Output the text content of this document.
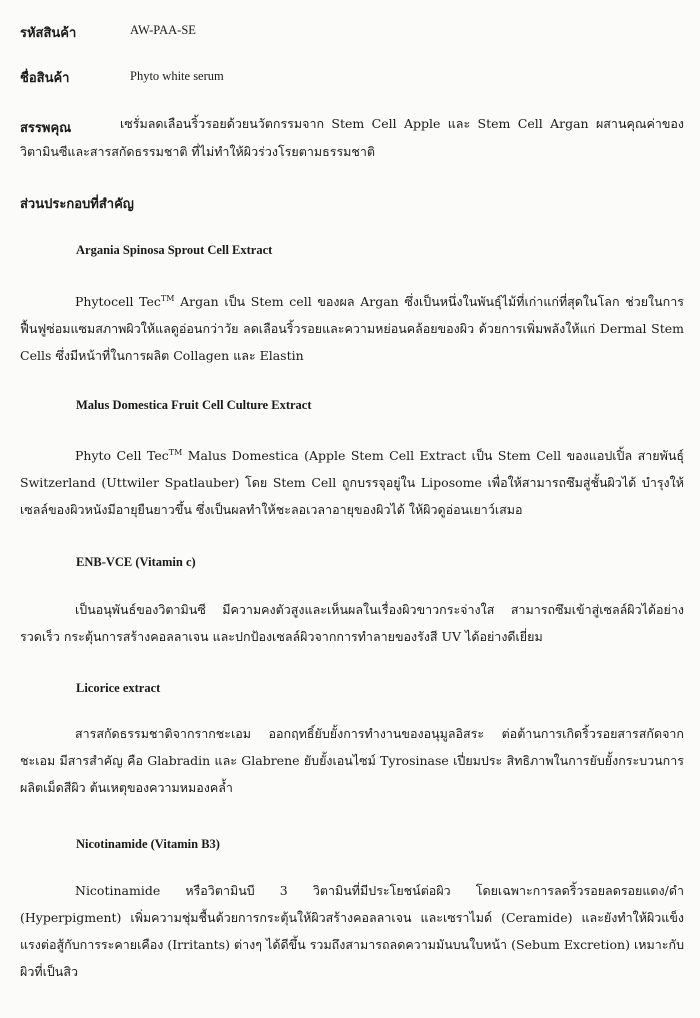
รหัสสินค้า	AW-PAA-SE
ชื่อสินค้า	Phyto white serum
สรรพคุณ	เซรั่มลดเลือนริ้วรอยด้วยนวัตกรรมจาก Stem Cell Apple และ Stem Cell Argan ผสานคุณค่าของวิตามินซีและสารสกัดธรรมชาติ ที่ไม่ทำให้ผิวร่วงโรยตามธรรมชาติ
ส่วนประกอบที่สำคัญ
Argania Spinosa Sprout Cell Extract
Phytocell Tec™ Argan เป็น Stem cell ของผล Argan ซึ่งเป็นหนึ่งในพันธุ์ไม้ที่เก่าแก่ที่สุดในโลก ช่วยในการฟื้นฟูซ่อมแซมสภาพผิวให้แลดูอ่อนกว่าวัย ลดเลือนริ้วรอยและความหย่อนคล้อยของผิว ด้วยการเพิ่มพลังให้แก่ Dermal Stem Cells ซึ่งมีหน้าที่ในการผลิต Collagen และ Elastin
Malus Domestica Fruit Cell Culture Extract
Phyto Cell Tec™ Malus Domestica (Apple Stem Cell Extract เป็น Stem Cell ของแอปเปิ้ล สายพันธุ์ Switzerland (Uttwiler Spatlauber) โดย Stem Cell ถูกบรรจุอยู่ใน Liposome เพื่อให้สามารถซึมสู่ชั้นผิวได้ บำรุงให้เซลล์ของผิวหนังมีอายุยืนยาวขึ้น ซึ่งเป็นผลทำให้ชะลอเวลาอายุของผิวได้ ให้ผิวดูอ่อนเยาว์เสมอ
ENB-VCE (Vitamin c)
เป็นอนุพันธ์ของวิตามินซี มีความคงตัวสูงและเห็นผลในเรื่องผิวขาวกระจ่างใส สามารถซึมเข้าสู่เซลล์ผิวได้อย่างรวดเร็ว กระตุ้นการสร้างคอลลาเจน และปกป้องเซลล์ผิวจากการทำลายของรังสี UV ได้อย่างดีเยี่ยม
Licorice extract
สารสกัดธรรมชาติจากรากชะเอม ออกฤทธิ์ยับยั้งการทำงานของอนุมูลอิสระ ต่อต้านการเกิดริ้วรอยสารสกัดจากชะเอม มีสารสำคัญ คือ Glabradin และ Glabrene ยับยั้งเอนไซม์ Tyrosinase เปี่ยมประ สิทธิภาพในการยับยั้งกระบวนการผลิตเม็ดสีผิว ต้นเหตุของความหมองคล้ำ
Nicotinamide (Vitamin B3)
Nicotinamide หรือวิตามินบี 3 วิตามินที่มีประโยชน์ต่อผิว โดยเฉพาะการลดริ้วรอยลดรอยแดง/ดำ (Hyperpigment) เพิ่มความชุ่มชื้นด้วยการกระตุ้นให้ผิวสร้างคอลลาเจน และเซราไมด์ (Ceramide) และยังทำให้ผิวแข็งแรงต่อสู้กับการระคายเคือง (Irritants) ต่างๆ ได้ดีขึ้น รวมถึงสามารถลดความมันบนใบหน้า (Sebum Excretion) เหมาะกับผิวที่เป็นสิว
